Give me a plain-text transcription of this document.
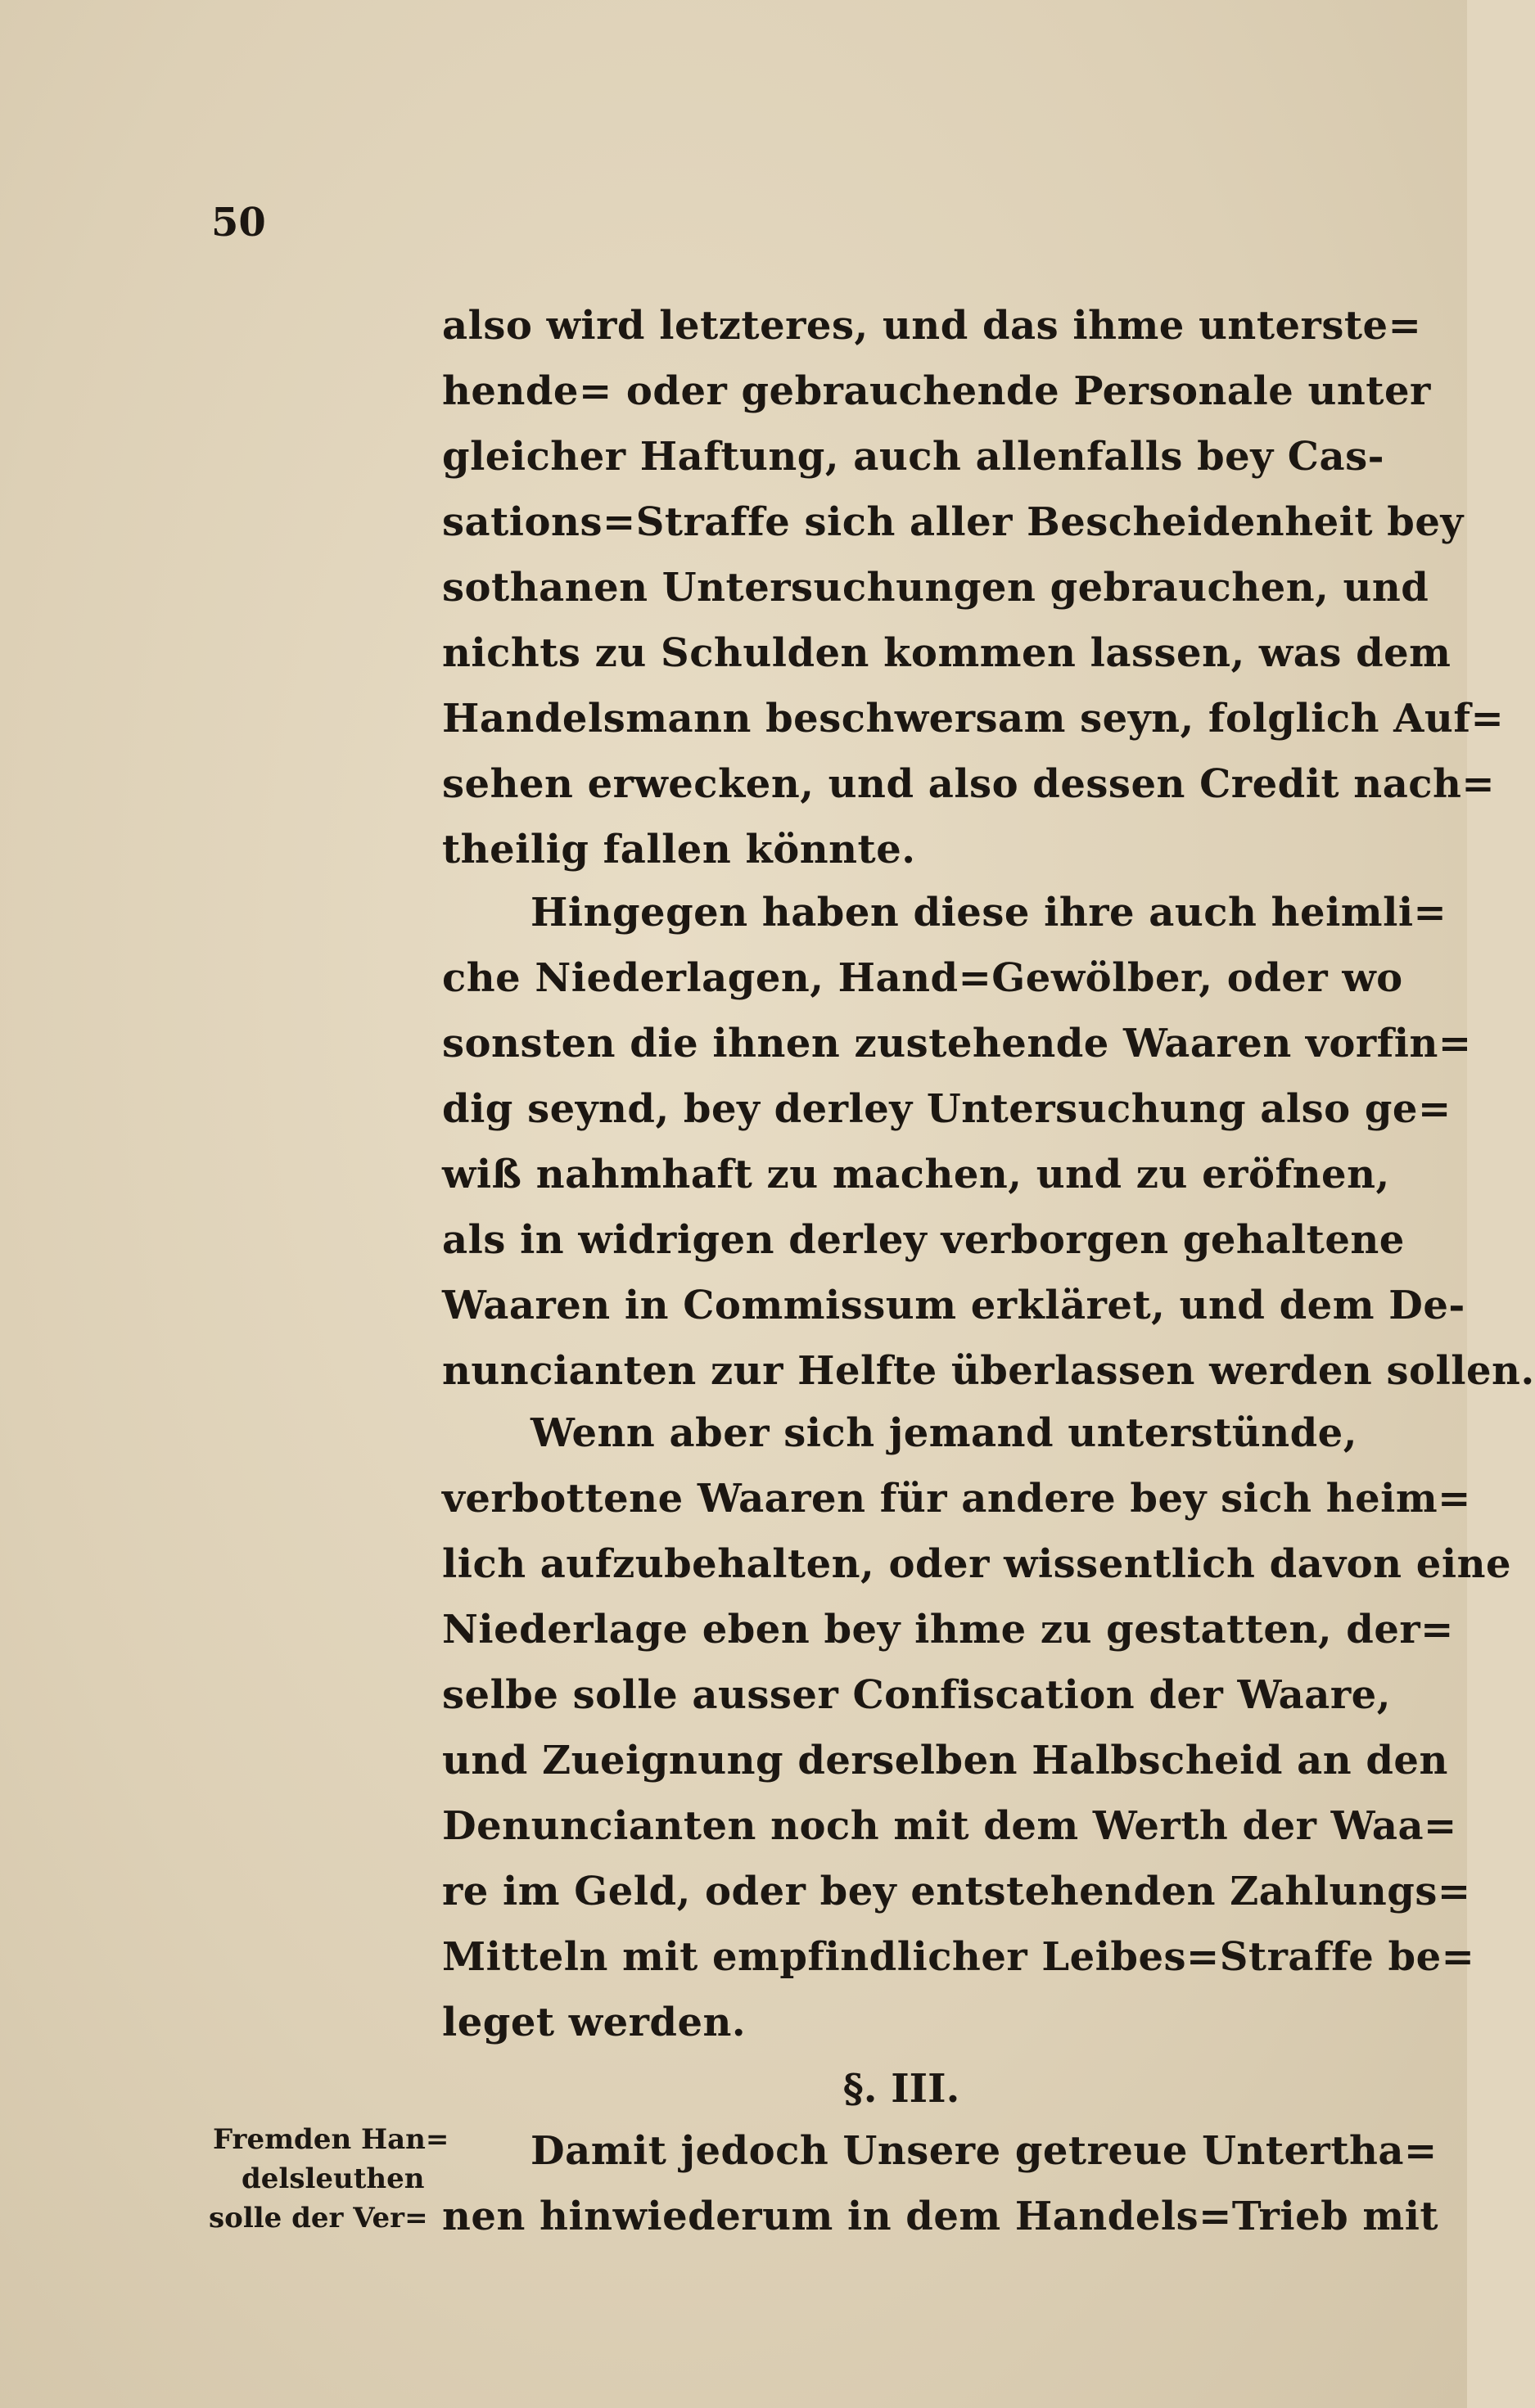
50
also wird letzteres, und das ihme unterste=
hende= oder gebrauchende Personale unter
gleicher Haftung, auch allenfalls bey Cas-
sations=Straffe sich aller Bescheidenheit bey
sothanen Untersuchungen gebrauchen, und
nichts zu Schulden kommen lassen, was dem
Handelsmann beschwersam seyn, folglich Auf=
sehen erwecken, und also dessen Credit nach=
theilig fallen könnte.
Hingegen haben diese ihre auch heimli=
che Niederlagen, Hand=Gewölber, oder wo
sonsten die ihnen zustehende Waaren vorfin=
dig seynd, bey derley Untersuchung also ge=
wiß nahmhaft zu machen, und zu eröfnen,
als in widrigen derley verborgen gehaltene
Waaren in Commissum erkläret, und dem De-
nuncianten zur Helfte überlassen werden sollen.
Wenn aber sich jemand unterstünde,
verbottene Waaren für andere bey sich heim=
lich aufzubehalten, oder wissentlich davon eine
Niederlage eben bey ihme zu gestatten, der=
selbe solle ausser Confiscation der Waare,
und Zueignung derselben Halbscheid an den
Denuncianten noch mit dem Werth der Waa=
re im Geld, oder bey entstehenden Zahlungs=
Mitteln mit empfindlicher Leibes=Straffe be=
leget werden.
§. III.
Fremden Han=
delsleuthen
solle der Ver=
Damit jedoch Unsere getreue Untertha=
nen hinwiederum in dem Handels=Trieb mit
